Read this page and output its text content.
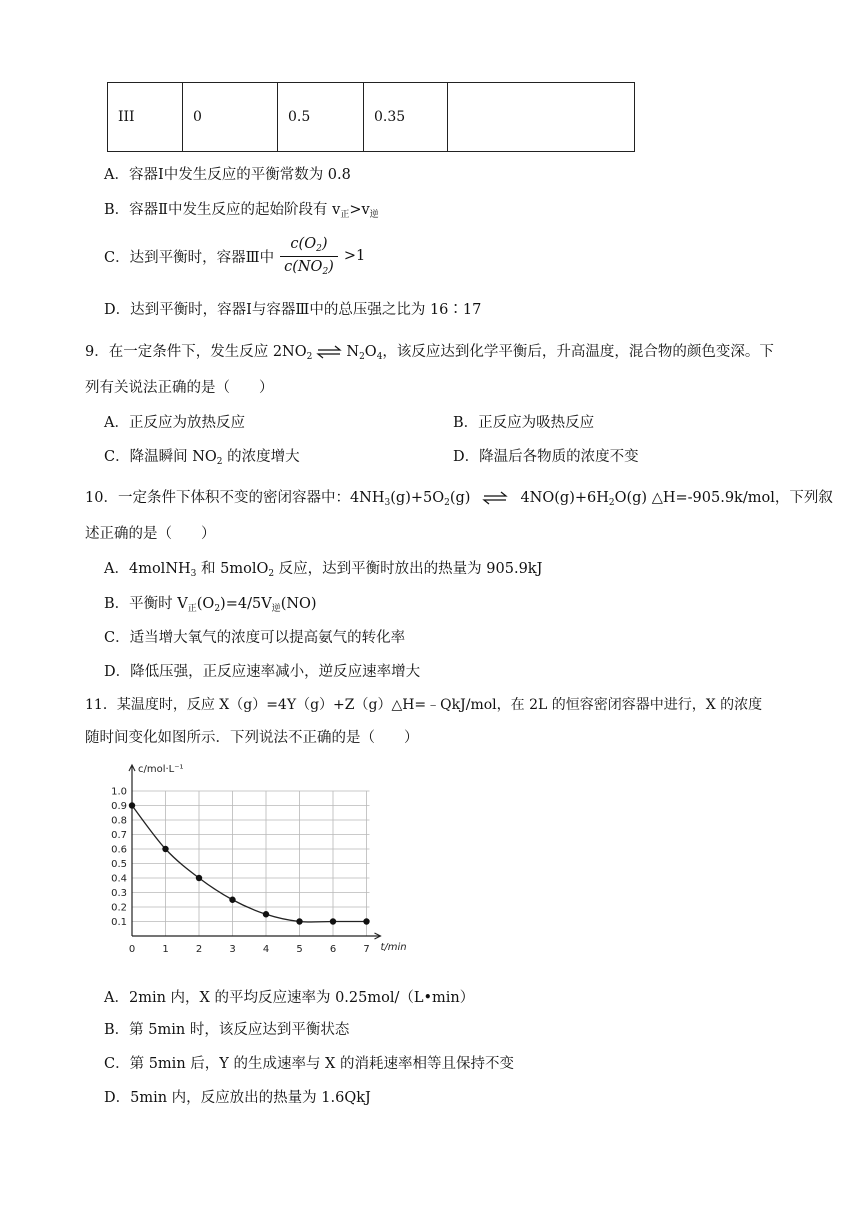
III	0	0.5	0.35	
A．容器Ⅰ中发生反应的平衡常数为 0.8
B．容器Ⅱ中发生反应的起始阶段有 $v_正>v_逆$
C．达到平衡时，容器Ⅲ中 $\frac{c(O_2)}{c(NO_2)} >1$
D．达到平衡时，容器Ⅰ与容器Ⅲ中的总压强之比为 16∶17
9．在一定条件下，发生反应 $2NO_2$ ⇌ $N_2O_4$，该反应达到化学平衡后，升高温度，混合物的颜色变深。下
列有关说法正确的是（　　）
A．正反应为放热反应	B．正反应为吸热反应
C．降温瞬间 $NO_2$ 的浓度增大	D．降温后各物质的浓度不变
10．一定条件下体积不变的密闭容器中：$4NH_3(g)+5O_2(g)$ ⇌ $4NO(g)+6H_2O(g)$ △H=-905.9k/mol，下列叙
述正确的是（　　）
A．4molNH$_3$ 和 5molO$_2$ 反应，达到平衡时放出的热量为 905.9kJ
B．平衡时 $V_正(O_2)=4/5V_逆(NO)$
C．适当增大氧气的浓度可以提高氨气的转化率
D．降低压强，正反应速率减小，逆反应速率增大
11．某温度时，反应 X（g）=4Y（g）+Z（g）△H=﹣QkJ/mol，在 2L 的恒容密闭容器中进行，X 的浓度
随时间变化如图所示．下列说法不正确的是（　　）
1.0
0.9
0.8
0.7
0.6
0.5
0.4
0.3
0.2
0.1
0	1	2	3	4	5	6	7
c/mol·L⁻¹
t/min
A．2min 内，X 的平均反应速率为 0.25mol/（L•min）
B．第 5min 时，该反应达到平衡状态
C．第 5min 后，Y 的生成速率与 X 的消耗速率相等且保持不变
D．5min 内，反应放出的热量为 1.6QkJ
